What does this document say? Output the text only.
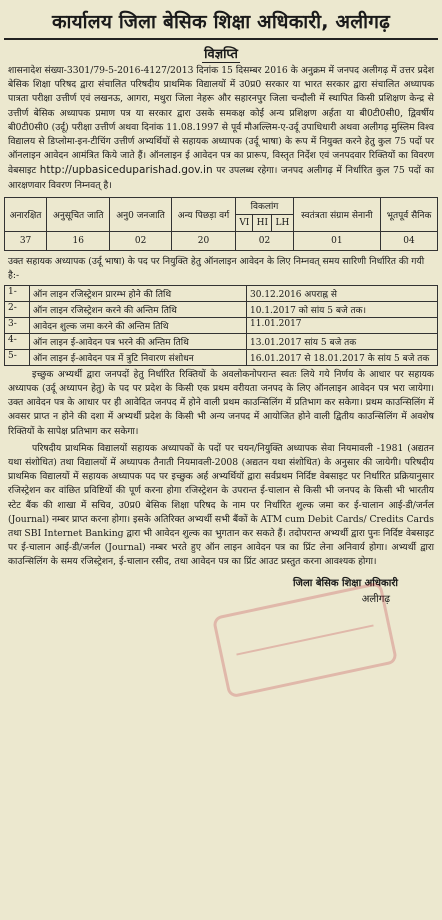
कार्यालय जिला बेसिक शिक्षा अधिकारी, अलीगढ़
विज्ञप्ति

शासनादेश संख्या-3301/79-5-2016-4127/2013 दिनांक 15 दिसम्बर 2016 के अनुक्रम में जनपद अलीगढ़ में उत्तर प्रदेश बेसिक शिक्षा परिषद द्वारा संचालित परिषदीय प्राथमिक विद्यालयों में उ0प्र0 सरकार या भारत सरकार द्वारा संचालित अध्यापक पात्रता परीक्षा उत्तीर्ण एवं लखनऊ, आगरा, मथुरा जिला नेहरू और सहारनपुर जिला चन्दौली में स्थापित किसी प्रशिक्षण केन्द्र से उत्तीर्ण बेसिक अध्यापक प्रमाण पत्र या सरकार द्वारा उसके समकक्ष कोई अन्य प्रशिक्षण अर्हता या बी0टी0सी0, द्विवर्षीय बी0टी0सी0 (उर्दू) परीक्षा उत्तीर्ण अथवा दिनांक 11.08.1997 से पूर्व मौअल्लिम-ए-उर्दू उपाधिधारी अथवा अलीगढ़ मुस्लिम विश्व विद्यालय से डिप्लोमा-इन-टीचिंग उत्तीर्ण अभ्यर्थियों से सहायक अध्यापक (उर्दू भाषा) के रूप में नियुक्त करने हेतु कुल 75 पदों पर ऑनलाइन आवेदन आमंत्रित किये जाते हैं। ऑनलाइन ई आवेदन पत्र का प्रारूप, विस्तृत निर्देश एवं जनपदवार रिक्तियों का विवरण वेबसाइट http://upbasiceduparishad.gov.in पर उपलब्ध रहेगा। जनपद अलीगढ़ में निर्धारित कुल 75 पदों का आरक्षणवार विवरण निम्नवत् है।

अनारक्षित	अनुसूचित जाति	अनु0 जनजाति	अन्य पिछड़ा वर्ग	विकलांग			स्वतंत्रता संग्राम सेनानी	भूतपूर्व सैनिक
				VI	HI	LH		
37	16	02	20	02			01	04
उक्त सहायक अध्यापक (उर्दू भाषा) के पद पर नियुक्ति हेतु ऑनलाइन आवेदन के लिए निम्नवत् समय सारिणी निर्धारित की गयी है:-
1-	ऑन लाइन रजिस्ट्रेशन प्रारम्भ होने की तिथि	30.12.2016 अपराह्न से
2-	ऑन लाइन रजिस्ट्रेशन करने की अन्तिम तिथि	10.1.2017 को सांय 5 बजे तक।
3-	आवेदन शुल्क जमा करने की अन्तिम तिथि	11.01.2017
4-	ऑन लाइन ई-आवेदन पत्र भरने की अन्तिम तिथि	13.01.2017 सांय 5 बजे तक
5-	ऑन लाइन ई-आवेदन पत्र में त्रुटि निवारण संशोधन	16.01.2017 से 18.01.2017 के सांय 5 बजे तक

इच्छुक अभ्यर्थी द्वारा जनपदों हेतु निर्धारित रिक्तियों के अवलोकनोपरान्त स्वतः लिये गये निर्णय के आधार पर सहायक अध्यापक (उर्दू अध्यापन हेतु) के पद पर प्रदेश के किसी एक प्रथम वरीयता जनपद के लिए ऑनलाइन आवेदन पत्र भरा जायेगा। उक्त आवेदन पत्र के आधार पर ही आवेदित जनपद में होने वाली प्रथम काउन्सिलिंग में प्रतिभाग कर सकेगा। प्रथम काउन्सिलिंग में अवसर प्राप्त न होने की दशा में अभ्यर्थी प्रदेश के किसी भी अन्य जनपद में आयोजित होने वाली द्वितीय काउन्सिलिंग में अवशेष रिक्तियों के सापेक्ष प्रतिभाग कर सकेगा।

परिषदीय प्राथमिक विद्यालयों सहायक अध्यापकों के पदों पर चयन/नियुक्ति अध्यापक सेवा नियमावली -1981 (अद्यतन यथा संशोधित) तथा विद्यालयों में अध्यापक तैनाती नियमावली-2008 (अद्यतन यथा संशोधित) के अनुसार की जायेगी। परिषदीय प्राथमिक विद्यालयों में सहायक अध्यापक पद पर इच्छुक अर्ह अभ्यर्थियों द्वारा सर्वप्रथम निर्दिष्ट वेबसाइट पर निर्धारित प्रक्रियानुसार रजिस्ट्रेशन कर वांछित प्रविष्टियों की पूर्ण करना होगा रजिस्ट्रेशन के उपरान्त ई-चालान से किसी भी जनपद के किसी भी भारतीय स्टेट बैंक की शाखा में सचिव, उ0प्र0 बेसिक शिक्षा परिषद के नाम पर निर्धारित शुल्क जमा कर ई-चालान आई-डी/जर्नल (Journal) नम्बर प्राप्त करना होगा। इसके अतिरिक्त अभ्यर्थी सभी बैंकों के ATM cum Debit Cards/ Credits Cards तथा SBI Internet Banking द्वारा भी आवेदन शुल्क का भुगतान कर सकते हैं। तदोपरान्त अभ्यर्थी द्वारा पुनः निर्दिष्ट वेबसाइट पर ई-चालान आई-डी/जर्नल (Journal) नम्बर भरते हुए ऑन लाइन आवेदन पत्र का प्रिंट लेना अनिवार्य होगा। अभ्यर्थी द्वारा काउन्सिलिंग के समय रजिस्ट्रेशन, ई-चालान रसीद, तथा आवेदन पत्र का प्रिंट आउट प्रस्तुत करना आवश्यक होगा।

जिला बेसिक शिक्षा अधिकारी
अलीगढ़
